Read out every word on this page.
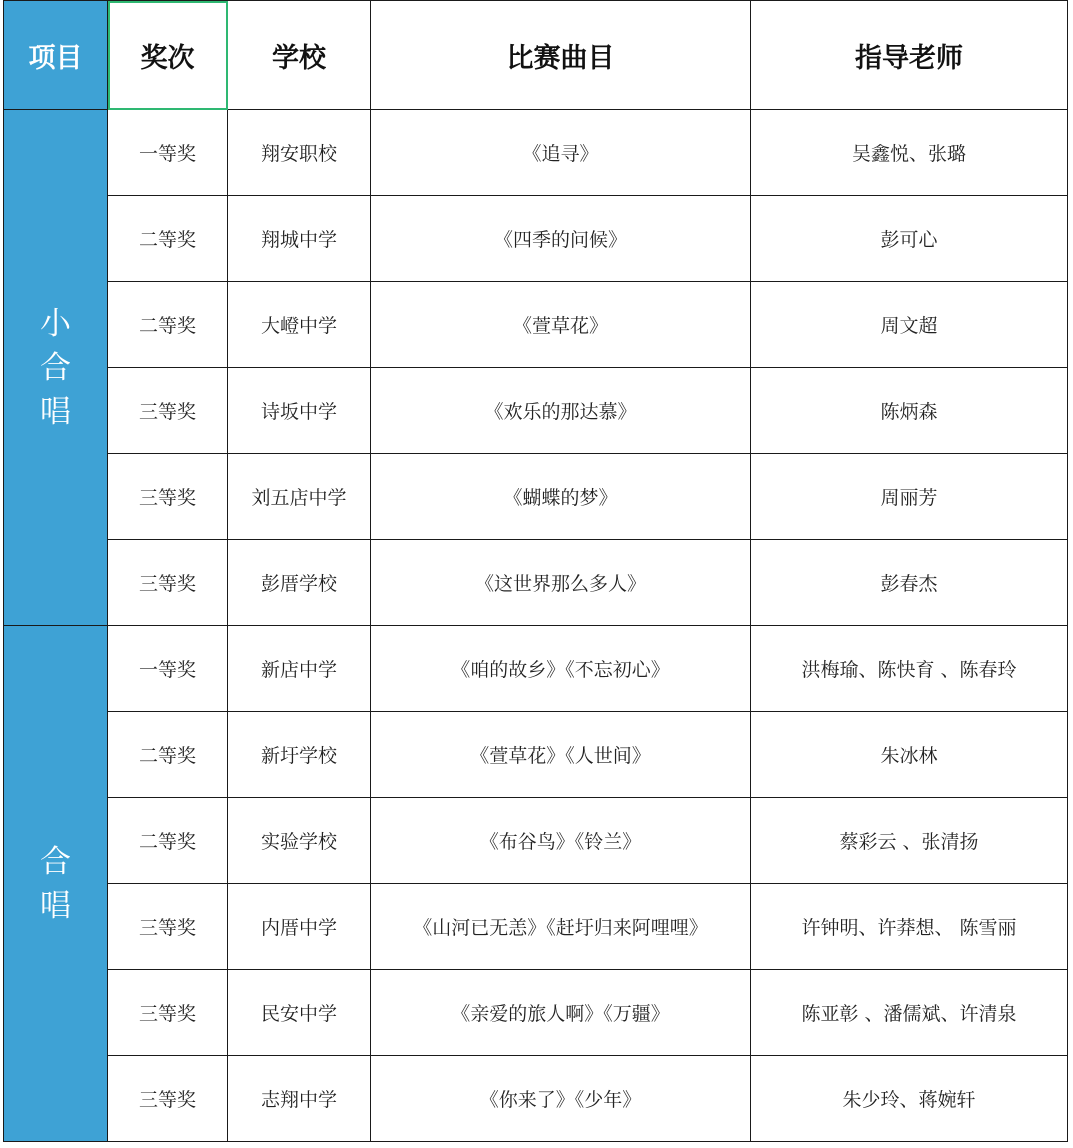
项目	奖次	学校	比赛曲目	指导老师
小合唱	一等奖	翔安职校	《追寻》	吴鑫悦、张璐
	二等奖	翔城中学	《四季的问候》	彭可心
	二等奖	大嶝中学	《萱草花》	周文超
	三等奖	诗坂中学	《欢乐的那达慕》	陈炳森
	三等奖	刘五店中学	《蝴蝶的梦》	周丽芳
	三等奖	彭厝学校	《这世界那么多人》	彭春杰
合唱	一等奖	新店中学	《咱的故乡》《不忘初心》	洪梅瑜、陈快育 、陈春玲
	二等奖	新圩学校	《萱草花》《人世间》	朱冰林
	二等奖	实验学校	《布谷鸟》《铃兰》	蔡彩云 、张清扬
	三等奖	内厝中学	《山河已无恙》《赶圩归来阿哩哩》	许钟明、许莽想、 陈雪丽
	三等奖	民安中学	《亲爱的旅人啊》《万疆》	陈亚彰 、潘儒斌、许清泉
	三等奖	志翔中学	《你来了》《少年》	朱少玲、蒋婉轩
